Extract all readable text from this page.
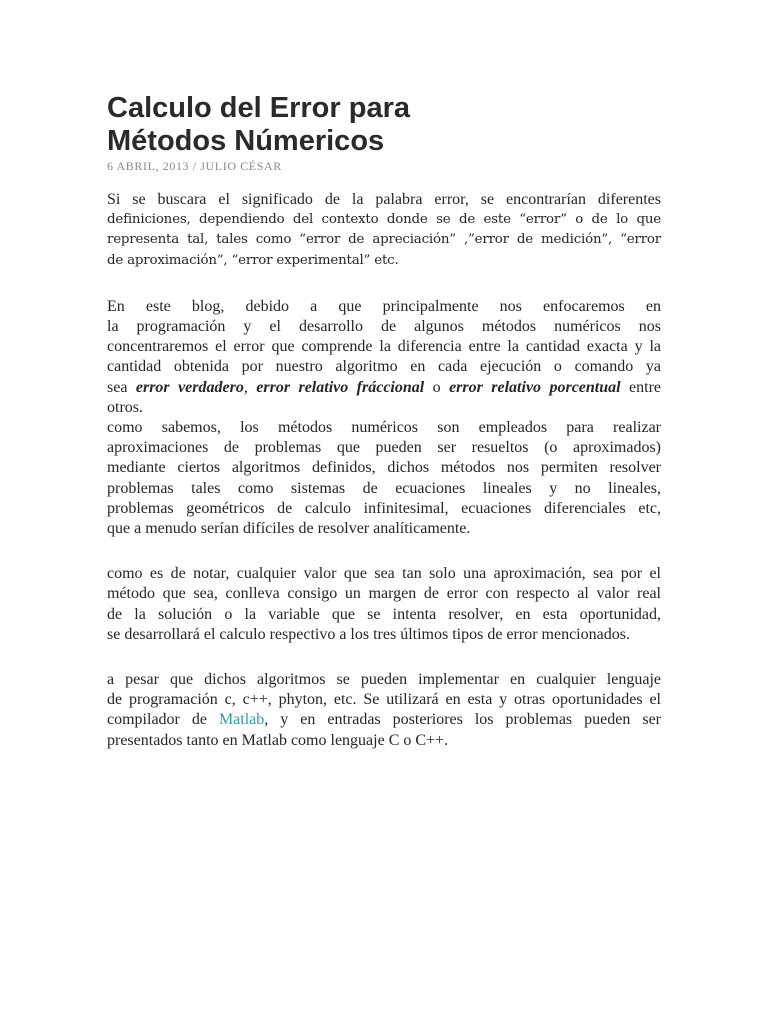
Calculo del Error para
Métodos Númericos
6 ABRIL, 2013 / JULIO CÉSAR

Si se buscara el significado de la palabra error, se encontrarían diferentes
definiciones, dependiendo del contexto donde se de este “error” o de lo que
representa tal, tales como “error de apreciación” ,”error de medición”, “error
de aproximación”, “error experimental” etc.

En este blog, debido a que principalmente nos enfocaremos en
la programación y el desarrollo de algunos métodos numéricos nos
concentraremos el error que comprende la diferencia entre la cantidad exacta y la
cantidad obtenida por nuestro algoritmo en cada ejecución o comando ya
sea error verdadero, error relativo fráccional o error relativo porcentual entre
otros.

como sabemos, los métodos numéricos son empleados para realizar
aproximaciones de problemas que pueden ser resueltos (o aproximados)
mediante ciertos algoritmos definidos, dichos métodos nos permiten resolver
problemas tales como sistemas de ecuaciones lineales y no lineales,
problemas geométricos de calculo infinitesimal, ecuaciones diferenciales etc,
que a menudo serían difíciles de resolver analíticamente.

como es de notar, cualquier valor que sea tan solo una aproximación, sea por el
método que sea, conlleva consigo un margen de error con respecto al valor real
de la solución o la variable que se intenta resolver, en esta oportunidad,
se desarrollará el calculo respectivo a los tres últimos tipos de error mencionados.

a pesar que dichos algoritmos se pueden implementar en cualquier lenguaje
de programación c, c++, phyton, etc. Se utilizará en esta y otras oportunidades el
compilador de Matlab, y en entradas posteriores los problemas pueden ser
presentados tanto en Matlab como lenguaje C o C++.
